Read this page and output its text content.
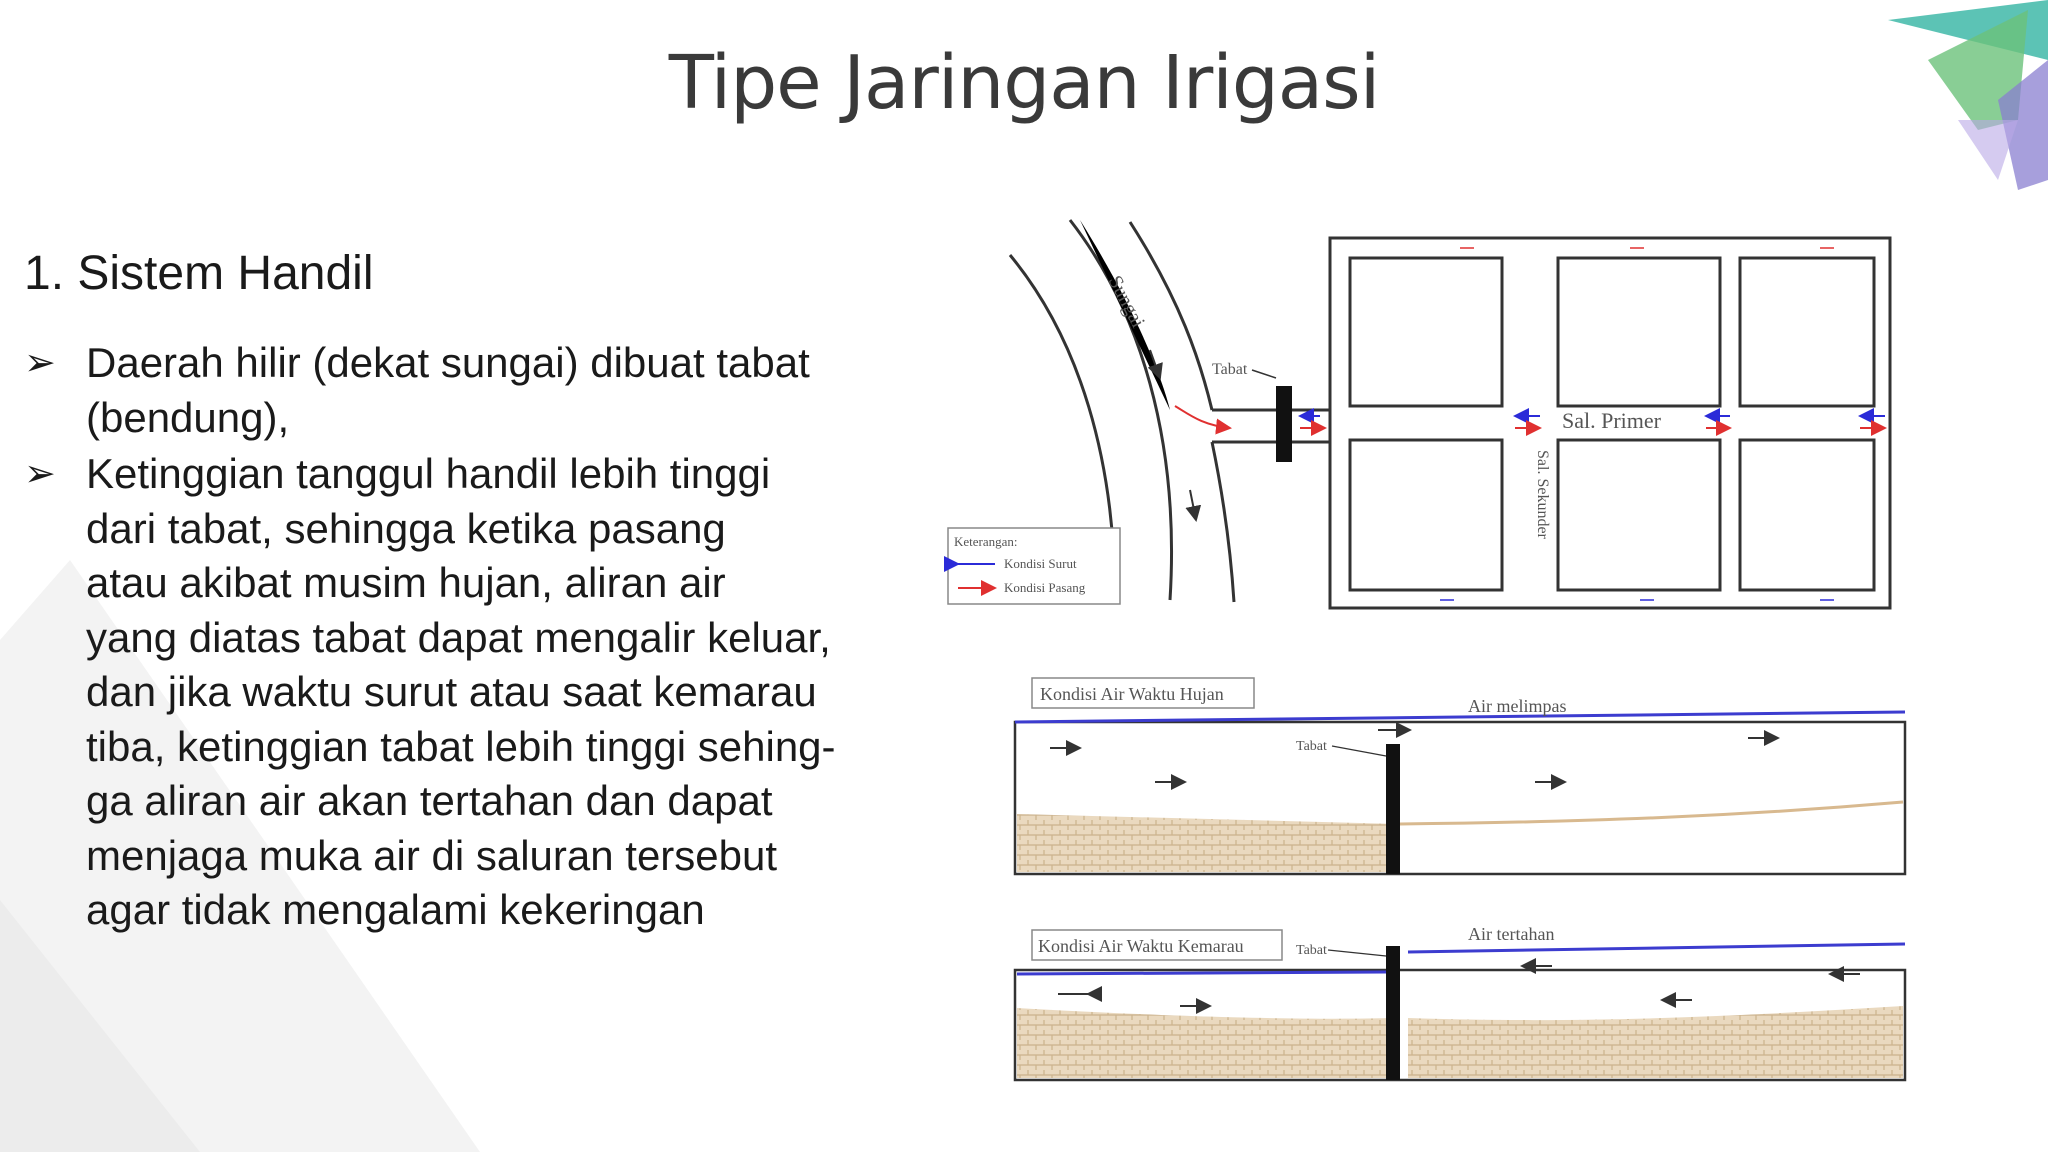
Tipe Jaringan Irigasi
1. Sistem Handil
➢ Daerah hilir (dekat sungai) dibuat tabat
(bendung),
➢ Ketinggian tanggul handil lebih tinggi
dari tabat, sehingga ketika pasang
atau akibat musim hujan, aliran air
yang diatas tabat dapat mengalir keluar,
dan jika waktu surut atau saat kemarau
tiba, ketinggian tabat lebih tinggi sehing-
ga aliran air akan tertahan dan dapat
menjaga muka air di saluran tersebut
agar tidak mengalami kekeringan
Sungai
Tabat
Sal. Primer
Sal. Sekunder
Keterangan:
Kondisi Surut
Kondisi Pasang
Kondisi Air Waktu Hujan
Tabat
Air melimpas
Kondisi Air Waktu Kemarau	Tabat
Air tertahan
